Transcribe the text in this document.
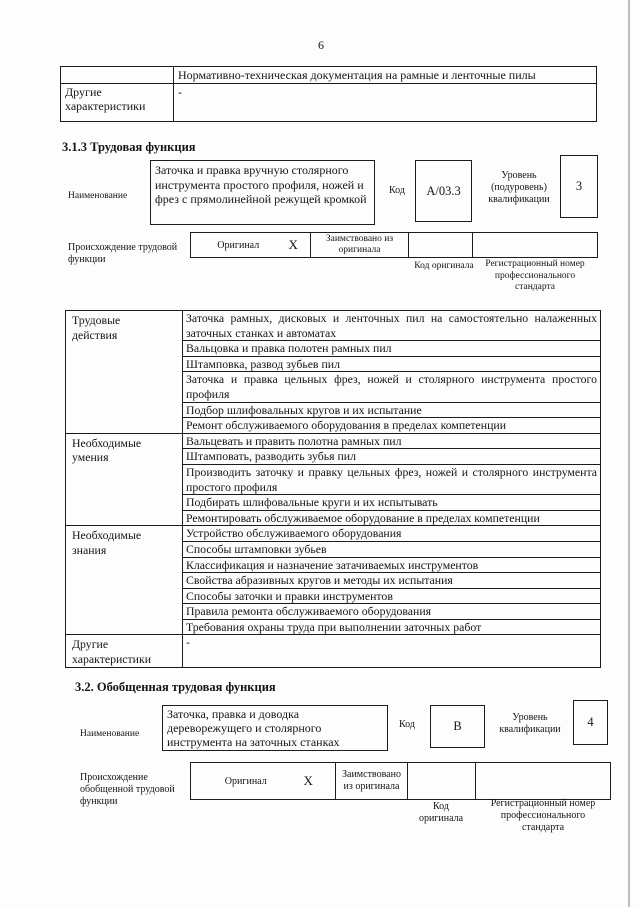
6
	Нормативно-техническая документация на рамные и ленточные пилы
Другие характеристики	-
3.1.3 Трудовая функция
Наименование
Заточка и правка вручную столярного инструмента простого профиля, ножей и фрез с прямолинейной режущей кромкой
Код А/03.3
Уровень (подуровень) квалификации
3
Происхождение трудовой функции
Оригинал	X	Заимствовано из оригинала		
Код оригинала	Регистрационный номер профессионального стандарта
Трудовые действия	Заточка рамных, дисковых и ленточных пил на самостоятельно налаженных заточных станках и автоматах
	Вальцовка и правка полотен рамных пил
	Штамповка, развод зубьев пил
	Заточка и правка цельных фрез, ножей и столярного инструмента простого профиля
	Подбор шлифовальных кругов и их испытание
	Ремонт обслуживаемого оборудования в пределах компетенции

Необходимые умения	Вальцевать и править полотна рамных пил
	Штамповать, разводить зубья пил
	Производить заточку и правку цельных фрез, ножей и столярного инструмента простого профиля
	Подбирать шлифовальные круги и их испытывать
	Ремонтировать обслуживаемое оборудование в пределах компетенции

Необходимые знания	Устройство обслуживаемого оборудования
	Способы штамповки зубьев
	Классификация и назначение затачиваемых инструментов
	Свойства абразивных кругов и методы их испытания
	Способы заточки и правки инструментов
	Правила ремонта обслуживаемого оборудования
	Требования охраны труда при выполнении заточных работ

Другие характеристики	-
3.2. Обобщенная трудовая функция
Наименование
Заточка, правка и доводка дереворежущего и столярного инструмента на заточных станках
Код	В
Уровень квалификации
4
Происхождение обобщенной трудовой функции
Оригинал	X	Заимствовано из оригинала		
Код оригинала
Регистрационный номер профессионального стандарта
